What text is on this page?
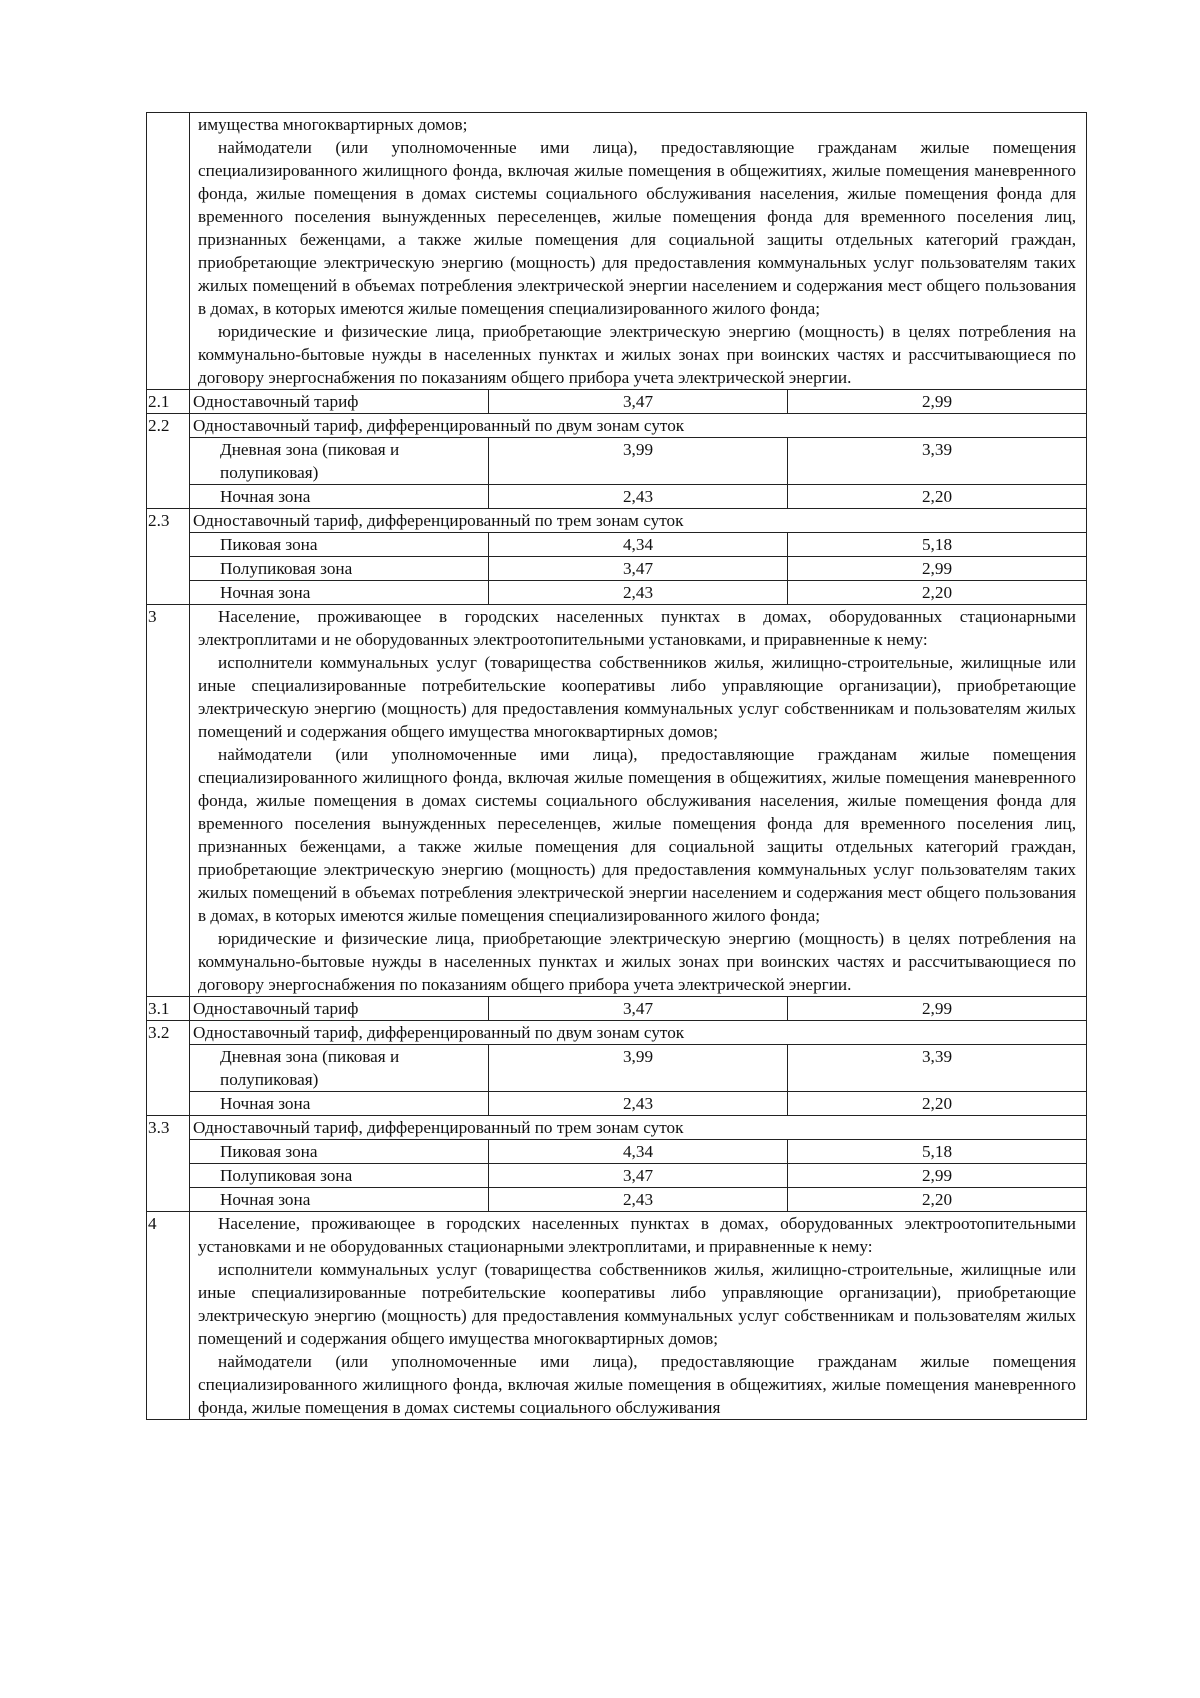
	имущества многоквартирных домов;

наймодатели (или уполномоченные ими лица), предоставляющие гражданам жилые помещения специализированного жилищного фонда, включая жилые помещения в общежитиях, жилые помещения маневренного фонда, жилые помещения в домах системы социального обслуживания населения, жилые помещения фонда для временного поселения вынужденных переселенцев, жилые помещения фонда для временного поселения лиц, признанных беженцами, а также жилые помещения для социальной защиты отдельных категорий граждан, приобретающие электрическую энергию (мощность) для предоставления коммунальных услуг пользователям таких жилых помещений в объемах потребления электрической энергии населением и содержания мест общего пользования в домах, в которых имеются жилые помещения специализированного жилого фонда;

юридические и физические лица, приобретающие электрическую энергию (мощность) в целях потребления на коммунально-бытовые нужды в населенных пунктах и жилых зонах при воинских частях и рассчитывающиеся по договору энергоснабжения по показаниям общего прибора учета электрической энергии.		

2.1	Одноставочный тариф	3,47	2,99
2.2	Одноставочный тариф, дифференцированный по двум зонам суток		
	Дневная зона (пиковая и полупиковая)	3,99	3,39
	Ночная зона	2,43	2,20
2.3	Одноставочный тариф, дифференцированный по трем зонам суток		
	Пиковая зона	4,34	5,18
	Полупиковая зона	3,47	2,99
	Ночная зона	2,43	2,20
3	Население, проживающее в городских населенных пунктах в домах, оборудованных стационарными электроплитами и не оборудованных электроотопительными установками, и приравненные к нему:

исполнители коммунальных услуг (товарищества собственников жилья, жилищно-строительные, жилищные или иные специализированные потребительские кооперативы либо управляющие организации), приобретающие электрическую энергию (мощность) для предоставления коммунальных услуг собственникам и пользователям жилых помещений и содержания общего имущества многоквартирных домов;

наймодатели (или уполномоченные ими лица), предоставляющие гражданам жилые помещения специализированного жилищного фонда, включая жилые помещения в общежитиях, жилые помещения маневренного фонда, жилые помещения в домах системы социального обслуживания населения, жилые помещения фонда для временного поселения вынужденных переселенцев, жилые помещения фонда для временного поселения лиц, признанных беженцами, а также жилые помещения для социальной защиты отдельных категорий граждан, приобретающие электрическую энергию (мощность) для предоставления коммунальных услуг пользователям таких жилых помещений в объемах потребления электрической энергии населением и содержания мест общего пользования в домах, в которых имеются жилые помещения специализированного жилого фонда;

юридические и физические лица, приобретающие электрическую энергию (мощность) в целях потребления на коммунально-бытовые нужды в населенных пунктах и жилых зонах при воинских частях и рассчитывающиеся по договору энергоснабжения по показаниям общего прибора учета электрической энергии.		

3.1	Одноставочный тариф	3,47	2,99
3.2	Одноставочный тариф, дифференцированный по двум зонам суток		
	Дневная зона (пиковая и полупиковая)	3,99	3,39
	Ночная зона	2,43	2,20
3.3	Одноставочный тариф, дифференцированный по трем зонам суток		
	Пиковая зона	4,34	5,18
	Полупиковая зона	3,47	2,99
	Ночная зона	2,43	2,20
4	Население, проживающее в городских населенных пунктах в домах, оборудованных электроотопительными установками и не оборудованных стационарными электроплитами, и приравненные к нему:

исполнители коммунальных услуг (товарищества собственников жилья, жилищно-строительные, жилищные или иные специализированные потребительские кооперативы либо управляющие организации), приобретающие электрическую энергию (мощность) для предоставления коммунальных услуг собственникам и пользователям жилых помещений и содержания общего имущества многоквартирных домов;

наймодатели (или уполномоченные ими лица), предоставляющие гражданам жилые помещения специализированного жилищного фонда, включая жилые помещения в общежитиях, жилые помещения маневренного фонда, жилые помещения в домах системы социального обслуживания		
